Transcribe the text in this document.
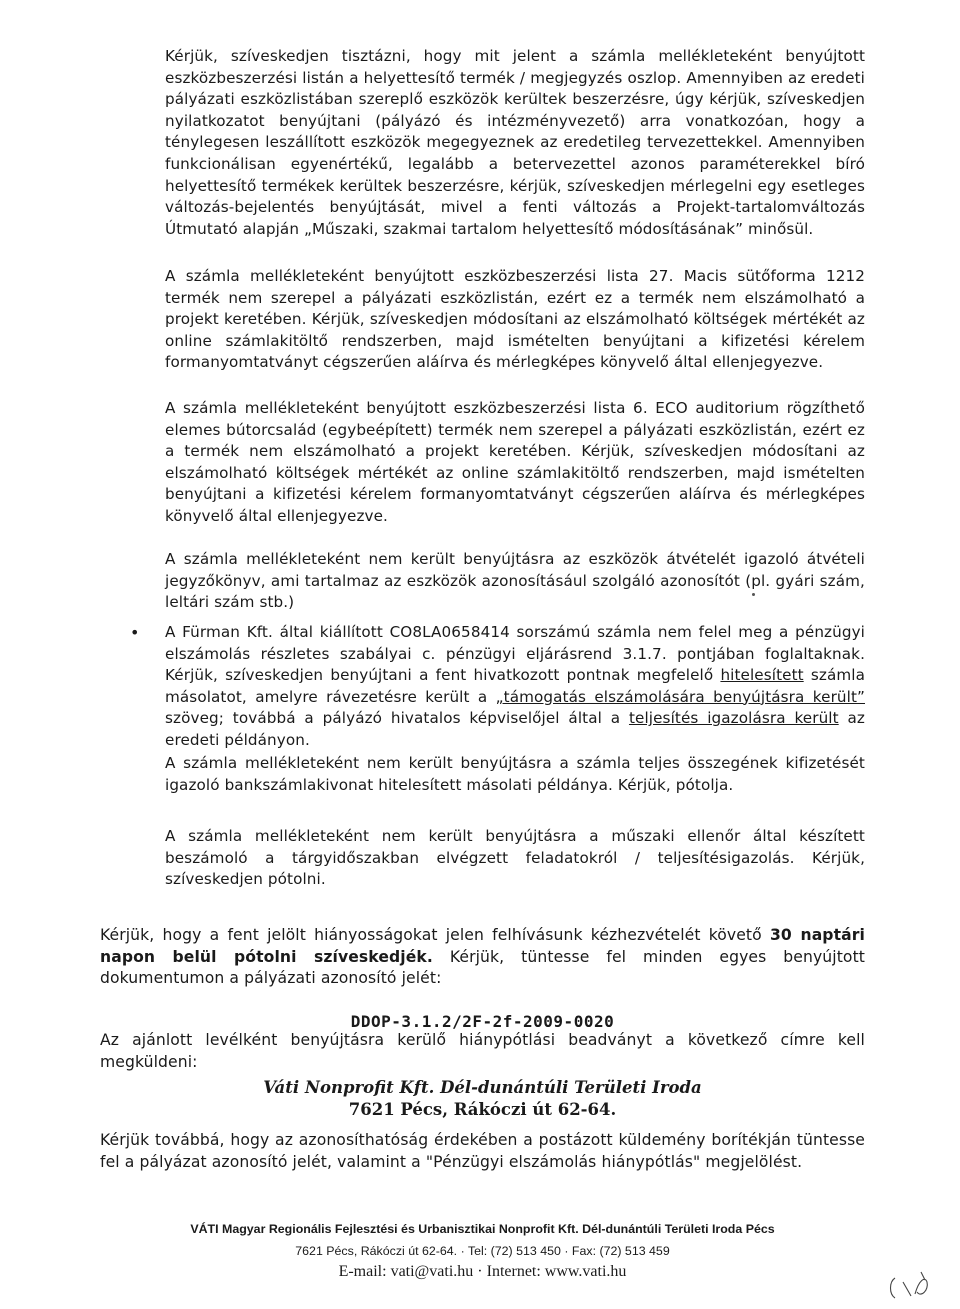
Kérjük, szíveskedjen tisztázni, hogy mit jelent a számla mellékleteként benyújtott eszközbeszerzési listán a helyettesítő termék / megjegyzés oszlop. Amennyiben az eredeti pályázati eszközlistában szereplő eszközök kerültek beszerzésre, úgy kérjük, szíveskedjen nyilatkozatot benyújtani (pályázó és intézményvezető) arra vonatkozóan, hogy a ténylegesen leszállított eszközök megegyeznek az eredetileg tervezettekkel. Amennyiben funkcionálisan egyenértékű, legalább a betervezettel azonos paraméterekkel bíró helyettesítő termékek kerültek beszerzésre, kérjük, szíveskedjen mérlegelni egy esetleges változás-bejelentés benyújtását, mivel a fenti változás a Projekt-tartalomváltozás Útmutató alapján „Műszaki, szakmai tartalom helyettesítő módosításának” minősül.
A számla mellékleteként benyújtott eszközbeszerzési lista 27. Macis sütőforma 1212 termék nem szerepel a pályázati eszközlistán, ezért ez a termék nem elszámolható a projekt keretében. Kérjük, szíveskedjen módosítani az elszámolható költségek mértékét az online számlakitöltő rendszerben, majd ismételten benyújtani a kifizetési kérelem formanyomtatványt cégszerűen aláírva és mérlegképes könyvelő által ellenjegyezve.
A számla mellékleteként benyújtott eszközbeszerzési lista 6. ECO auditorium rögzíthető elemes bútorcsalád (egybeépített) termék nem szerepel a pályázati eszközlistán, ezért ez a termék nem elszámolható a projekt keretében. Kérjük, szíveskedjen módosítani az elszámolható költségek mértékét az online számlakitöltő rendszerben, majd ismételten benyújtani a kifizetési kérelem formanyomtatványt cégszerűen aláírva és mérlegképes könyvelő által ellenjegyezve.
A számla mellékleteként nem került benyújtásra az eszközök átvételét igazoló átvételi jegyzőkönyv, ami tartalmaz az eszközök azonosításául szolgáló azonosítót (pl. gyári szám, leltári szám stb.)
•	A Fürman Kft. által kiállított CO8LA0658414 sorszámú számla nem felel meg a pénzügyi elszámolás részletes szabályai c. pénzügyi eljárásrend 3.1.7. pontjában foglaltaknak. Kérjük, szíveskedjen benyújtani a fent hivatkozott pontnak megfelelő hitelesített számla másolatot, amelyre rávezetésre került a „támogatás elszámolására benyújtásra került” szöveg; továbbá a pályázó hivatalos képviselőjel által a teljesítés igazolásra került az eredeti példányon.
A számla mellékleteként nem került benyújtásra a számla teljes összegének kifizetését igazoló bankszámlakivonat hitelesített másolati példánya. Kérjük, pótolja.
A számla mellékleteként nem került benyújtásra a műszaki ellenőr által készített beszámoló a tárgyidőszakban elvégzett feladatokról / teljesítésigazolás. Kérjük, szíveskedjen pótolni.
Kérjük, hogy a fent jelölt hiányosságokat jelen felhívásunk kézhezvételét követő 30 naptári napon belül pótolni szíveskedjék. Kérjük, tüntesse fel minden egyes benyújtott dokumentumon a pályázati azonosító jelét:
DDOP-3.1.2/2F-2f-2009-0020
Az ajánlott levélként benyújtásra kerülő hiánypótlási beadványt a következő címre kell megküldeni:
Váti Nonprofit Kft. Dél-dunántúli Területi Iroda
7621 Pécs, Rákóczi út 62-64.
Kérjük továbbá, hogy az azonosíthatóság érdekében a postázott küldemény borítékján tüntesse fel a pályázat azonosító jelét, valamint a "Pénzügyi elszámolás hiánypótlás" megjelölést.
VÁTI Magyar Regionális Fejlesztési és Urbanisztikai Nonprofit Kft. Dél-dunántúli Területi Iroda Pécs
7621 Pécs, Rákóczi út 62-64. · Tel: (72) 513 450 · Fax: (72) 513 459
E-mail: vati@vati.hu · Internet: www.vati.hu
